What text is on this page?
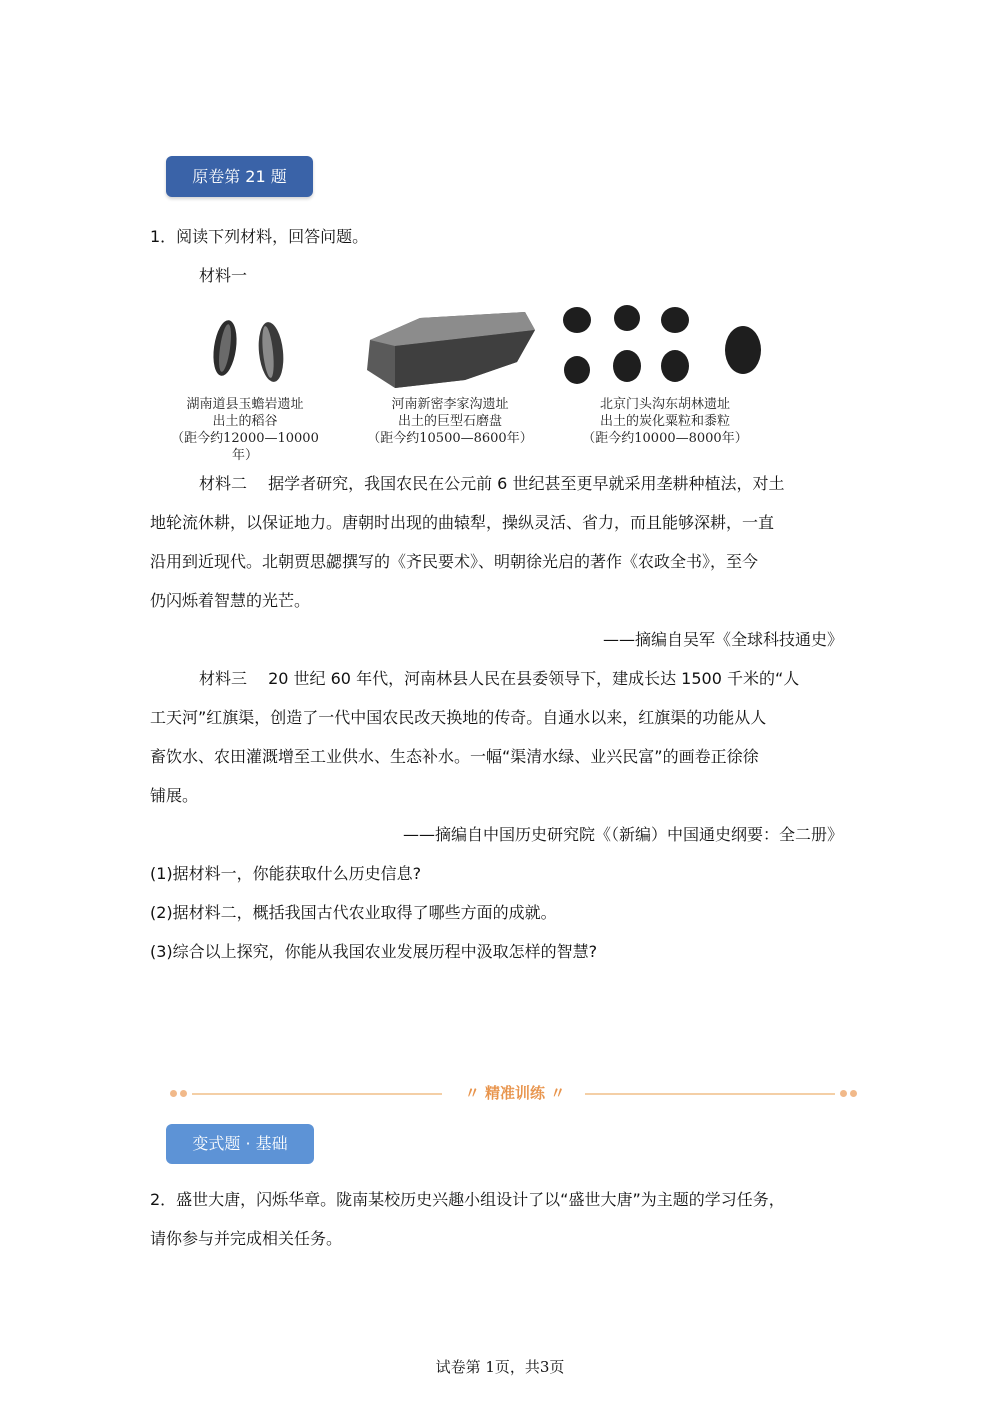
原卷第 21 题
1．阅读下列材料，回答问题。
材料一
湖南道县玉蟾岩遗址
出土的稻谷
（距今约12000—10000年）
河南新密李家沟遗址
出土的巨型石磨盘
（距今约10500—8600年）
北京门头沟东胡林遗址
出土的炭化粟粒和黍粒
（距今约10000—8000年）
材料二　 据学者研究，我国农民在公元前 6 世纪甚至更早就采用垄耕种植法，对土
地轮流休耕，以保证地力。唐朝时出现的曲辕犁，操纵灵活、省力，而且能够深耕，一直
沿用到近现代。北朝贾思勰撰写的《齐民要术》、明朝徐光启的著作《农政全书》，至今
仍闪烁着智慧的光芒。
——摘编自吴军《全球科技通史》
材料三　 20 世纪 60 年代，河南林县人民在县委领导下，建成长达 1500 千米的“人
工天河”红旗渠，创造了一代中国农民改天换地的传奇。自通水以来，红旗渠的功能从人
畜饮水、农田灌溉增至工业供水、生态补水。一幅“渠清水绿、业兴民富”的画卷正徐徐
铺展。
——摘编自中国历史研究院《（新编）中国通史纲要：全二册》
(1)据材料一，你能获取什么历史信息?
(2)据材料二，概括我国古代农业取得了哪些方面的成就。
(3)综合以上探究，你能从我国农业发展历程中汲取怎样的智慧?
〃 精准训练 〃
变式题 · 基础
2．盛世大唐，闪烁华章。陇南某校历史兴趣小组设计了以“盛世大唐”为主题的学习任务，
请你参与并完成相关任务。
试卷第 1页，共3页
